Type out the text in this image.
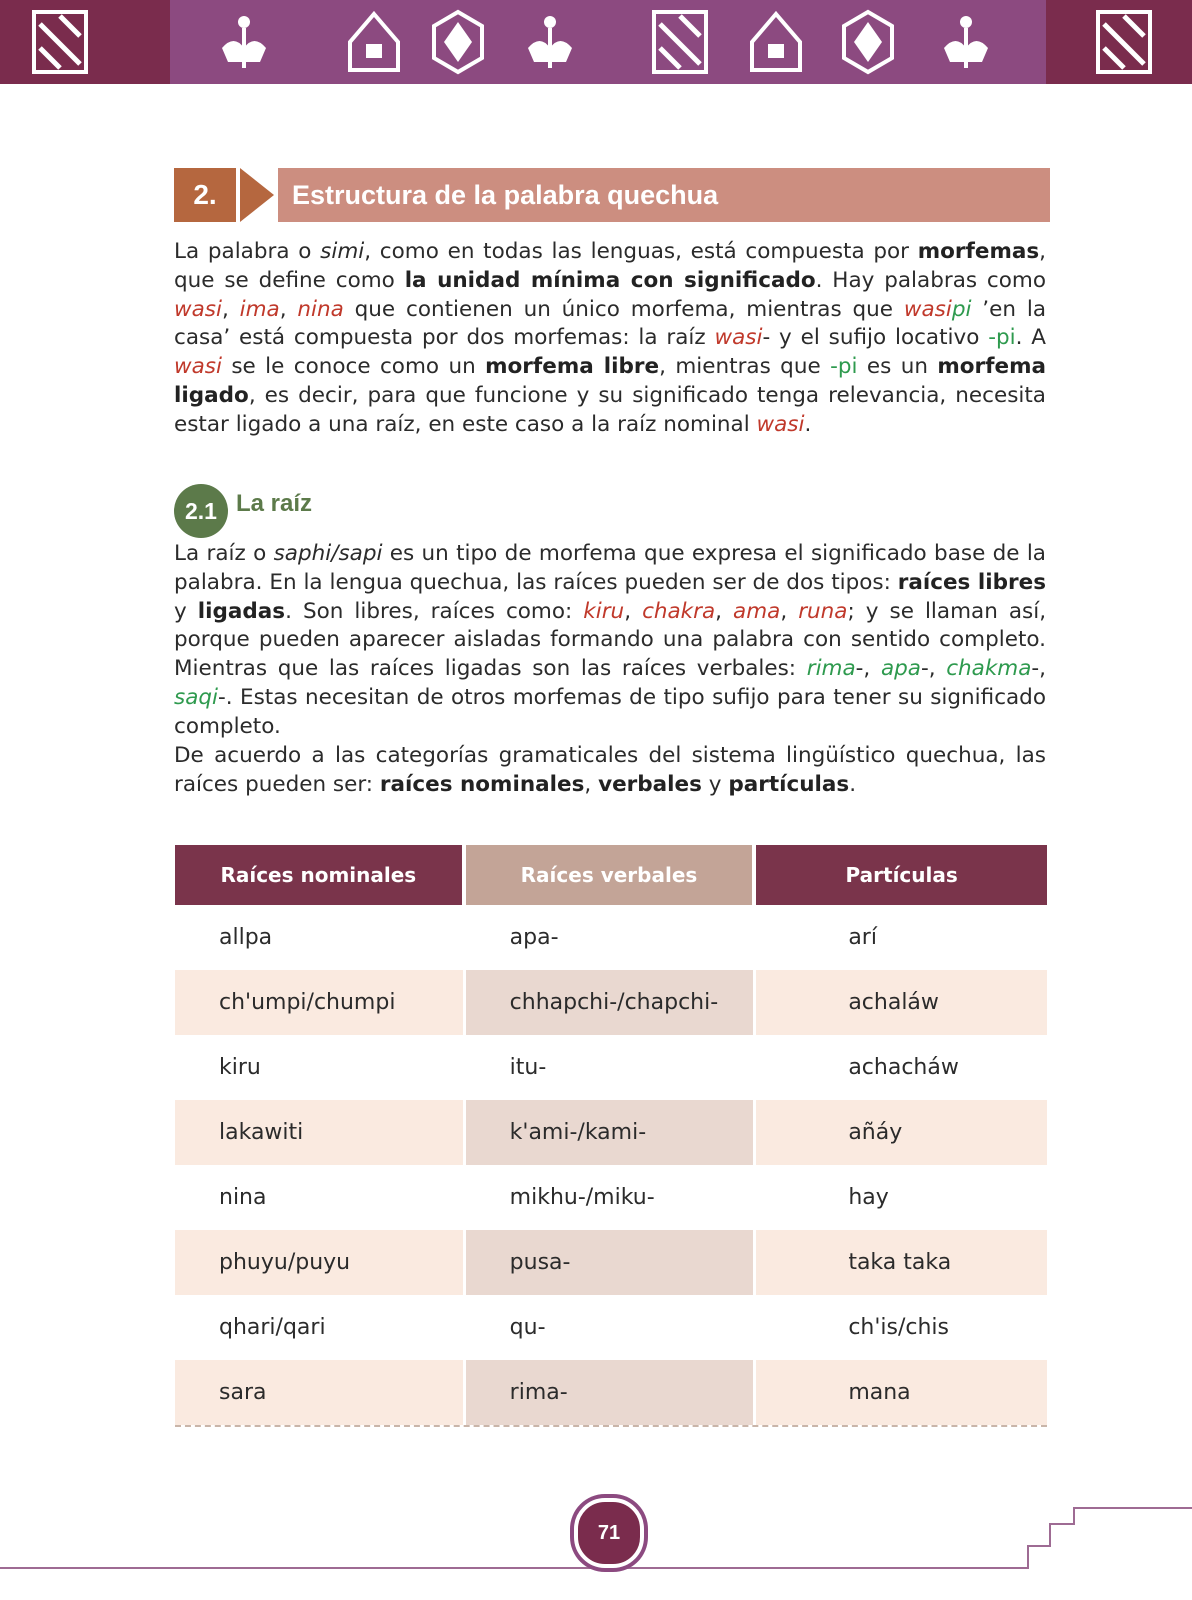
2.	Estructura de la palabra quechua

La palabra o simi, como en todas las lenguas, está compuesta por morfemas, que se define como la unidad mínima con significado. Hay palabras como wasi, ima, nina que contienen un único morfema, mientras que wasipi ’en la casa’ está compuesta por dos morfemas: la raíz wasi- y el sufijo locativo -pi. A wasi se le conoce como un morfema libre, mientras que -pi es un morfema ligado, es decir, para que funcione y su significado tenga relevancia, necesita estar ligado a una raíz, en este caso a la raíz nominal wasi.

2.1 La raíz

La raíz o saphi/sapi es un tipo de morfema que expresa el significado base de la palabra. En la lengua quechua, las raíces pueden ser de dos tipos: raíces libres y ligadas. Son libres, raíces como: kiru, chakra, ama, runa; y se llaman así, porque pueden aparecer aisladas formando una palabra con sentido completo. Mientras que las raíces ligadas son las raíces verbales: rima-, apa-, chakma-, saqi-. Estas necesitan de otros morfemas de tipo sufijo para tener su significado completo.

De acuerdo a las categorías gramaticales del sistema lingüístico quechua, las raíces pueden ser: raíces nominales, verbales y partículas.

Raíces nominales	Raíces verbales	Partículas
allpa	apa-	arí
ch'umpi/chumpi	chhapchi-/chapchi-	achaláw
kiru	itu-	achacháw
lakawiti	k'ami-/kami-	añáy
nina	mikhu-/miku-	hay
phuyu/puyu	pusa-	taka taka
qhari/qari	qu-	ch'is/chis
sara	rima-	mana
71
